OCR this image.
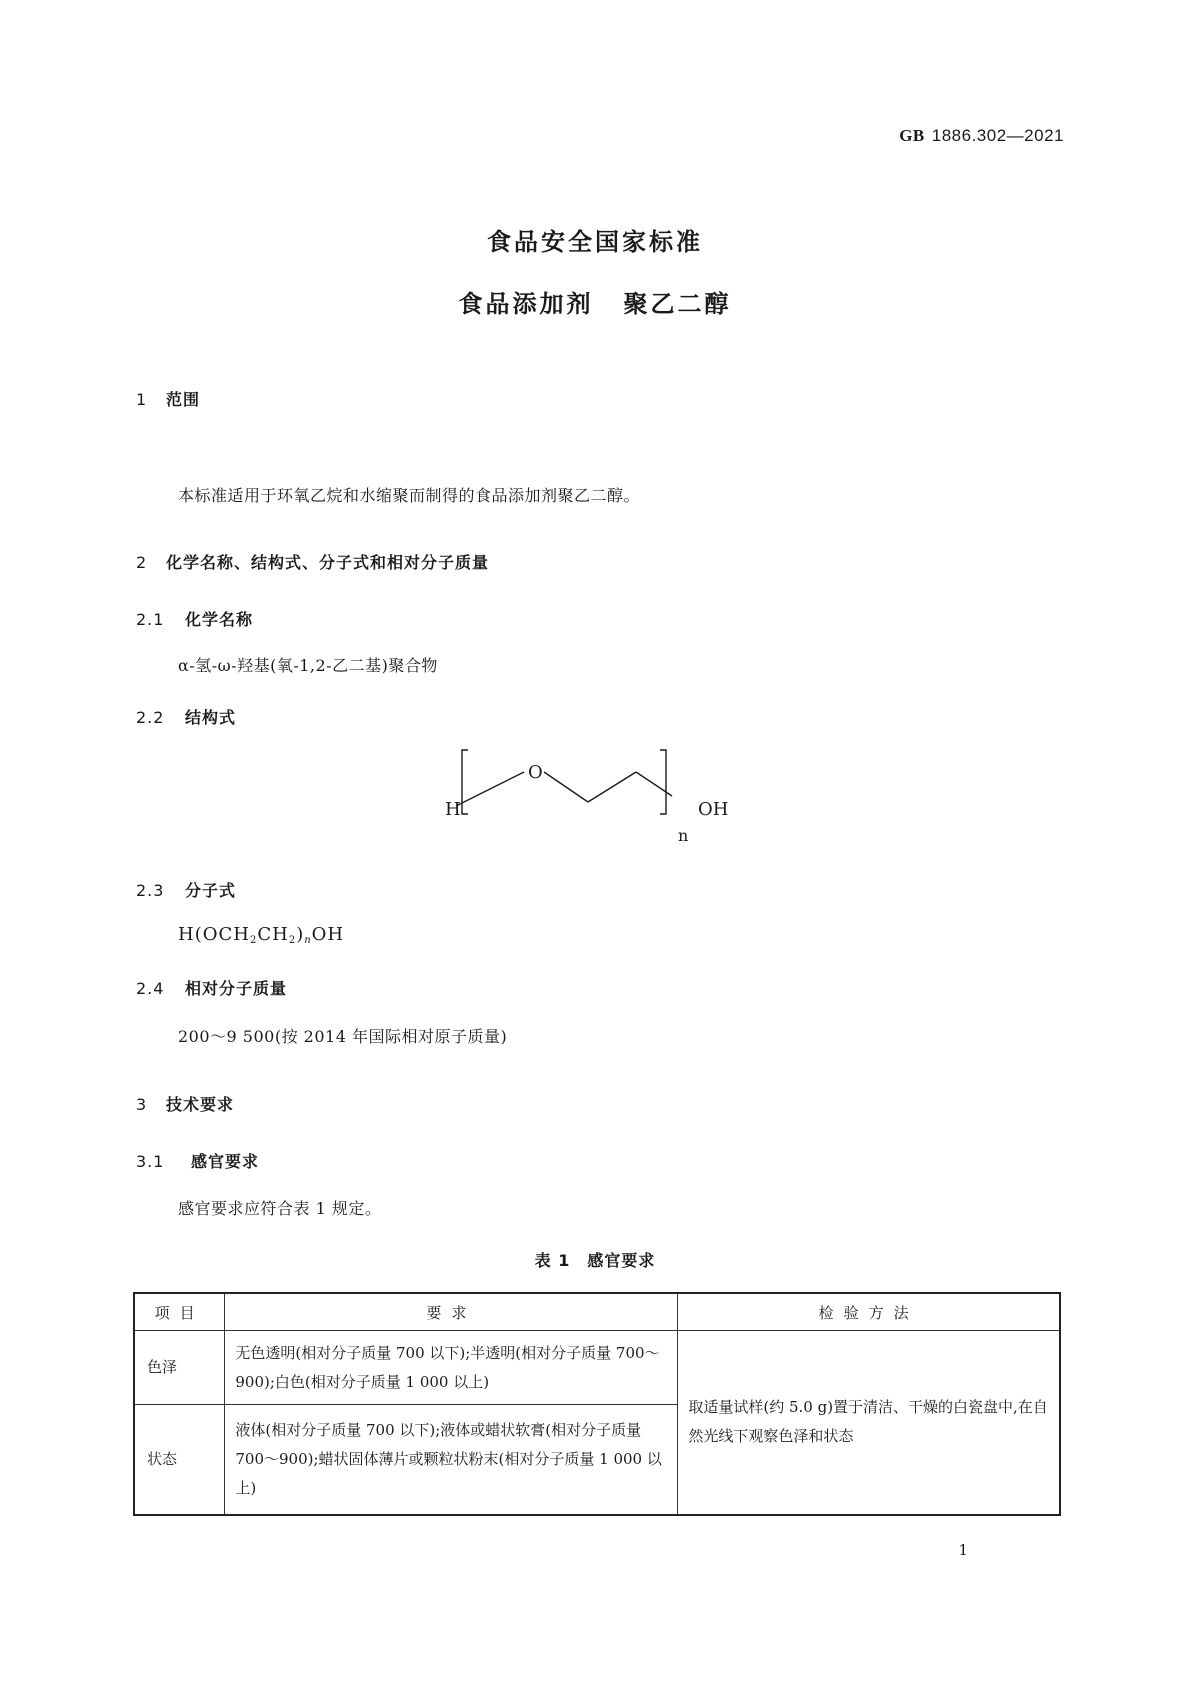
GB 1886.302—2021
食品安全国家标准
食品添加剂 聚乙二醇
1 范围
本标准适用于环氧乙烷和水缩聚而制得的食品添加剂聚乙二醇。
2 化学名称、结构式、分子式和相对分子质量
2.1 化学名称
α-氢-ω-羟基(氧-1,2-乙二基)聚合物
2.2 结构式
H
O
OH
n
2.3 分子式
$H(OCH_2CH_2)nOH$
2.4 相对分子质量
200～9 500(按 2014 年国际相对原子质量)
3 技术要求
3.1 感官要求
感官要求应符合表 1 规定。
表 1　感官要求
项目	要求	检验方法
色泽	无色透明(相对分子质量 700 以下);半透明(相对分子质量 700～900);白色(相对分子质量 1 000 以上)	取适量试样(约 5.0 g)置于清洁、干燥的白瓷盘中,在自然光线下观察色泽和状态
状态	液体(相对分子质量 700 以下);液体或蜡状软膏(相对分子质量 700～900);蜡状固体薄片或颗粒状粉末(相对分子质量 1 000 以上)	
1
